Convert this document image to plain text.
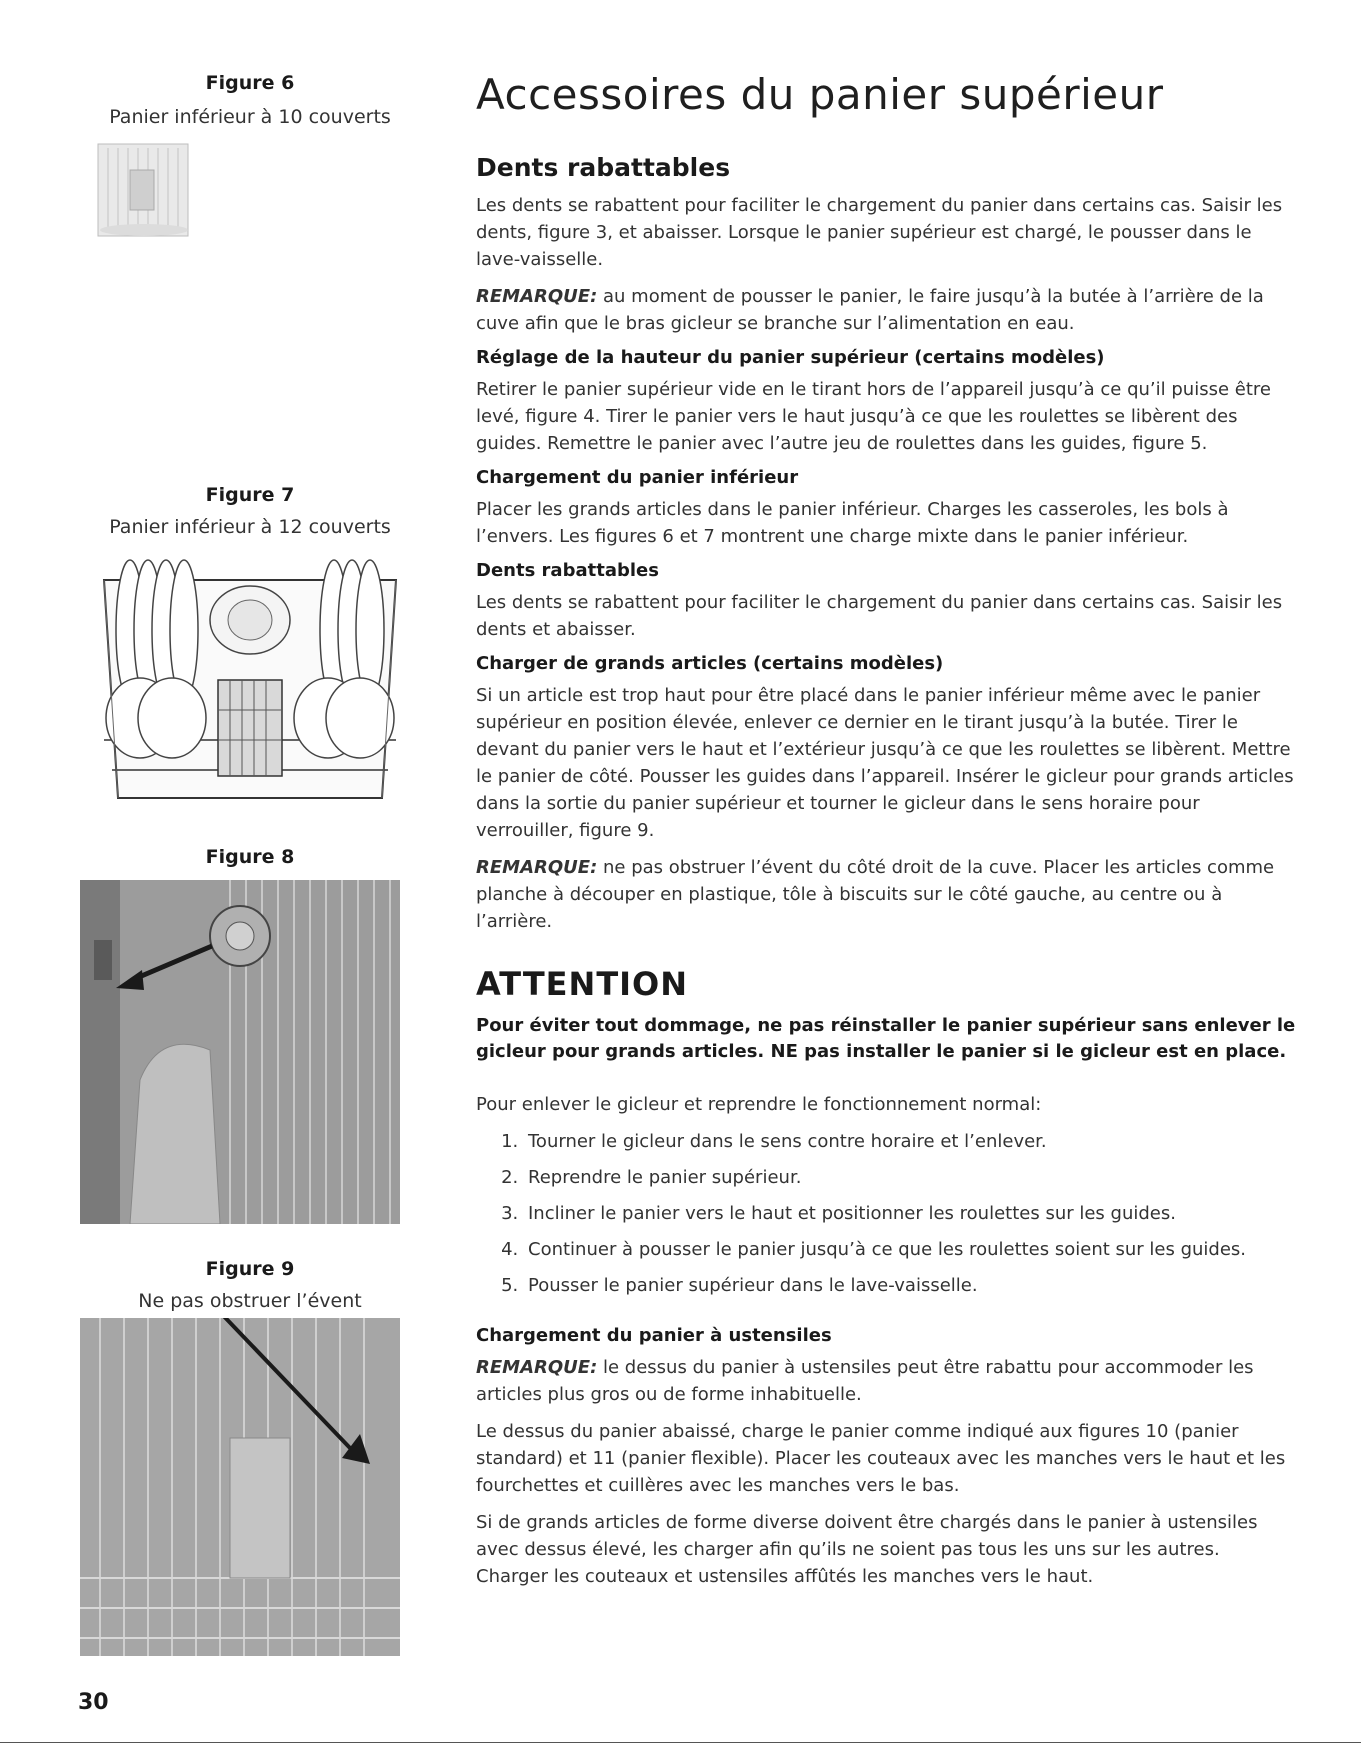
Figure 6
Panier inférieur à 10 couverts
Figure 7
Panier inférieur à 12 couverts
Figure 8
Figure 9
Ne pas obstruer l’évent
Accessoires du panier supérieur
Dents rabattables

Les dents se rabattent pour faciliter le chargement du panier dans certains cas. Saisir les dents, figure 3, et abaisser. Lorsque le panier supérieur est chargé, le pousser dans le lave-vaisselle.

REMARQUE: au moment de pousser le panier, le faire jusqu’à la butée à l’arrière de la cuve afin que le bras gicleur se branche sur l’alimentation en eau.

Réglage de la hauteur du panier supérieur (certains modèles)

Retirer le panier supérieur vide en le tirant hors de l’appareil jusqu’à ce qu’il puisse être levé, figure 4. Tirer le panier vers le haut jusqu’à ce que les roulettes se libèrent des guides. Remettre le panier avec l’autre jeu de roulettes dans les guides, figure 5.

Chargement du panier inférieur

Placer les grands articles dans le panier inférieur. Charges les casseroles, les bols à l’envers. Les figures 6 et 7 montrent une charge mixte dans le panier inférieur.

Dents rabattables

Les dents se rabattent pour faciliter le chargement du panier dans certains cas. Saisir les dents et abaisser.

Charger de grands articles (certains modèles)

Si un article est trop haut pour être placé dans le panier inférieur même avec le panier supérieur en position élevée, enlever ce dernier en le tirant jusqu’à la butée. Tirer le devant du panier vers le haut et l’extérieur jusqu’à ce que les roulettes se libèrent. Mettre le panier de côté. Pousser les guides dans l’appareil. Insérer le gicleur pour grands articles dans la sortie du panier supérieur et tourner le gicleur dans le sens horaire pour verrouiller, figure 9.

REMARQUE: ne pas obstruer l’évent du côté droit de la cuve. Placer les articles comme planche à découper en plastique, tôle à biscuits sur le côté gauche, au centre ou à l’arrière.

ATTENTION
Pour éviter tout dommage, ne pas réinstaller le panier supérieur sans enlever le gicleur pour grands articles. NE pas installer le panier si le gicleur est en place.

Pour enlever le gicleur et reprendre le fonctionnement normal:

1. Tourner le gicleur dans le sens contre horaire et l’enlever.
2. Reprendre le panier supérieur.
3. Incliner le panier vers le haut et positionner les roulettes sur les guides.
4. Continuer à pousser le panier jusqu’à ce que les roulettes soient sur les guides.
5. Pousser le panier supérieur dans le lave-vaisselle.
Chargement du panier à ustensiles

REMARQUE: le dessus du panier à ustensiles peut être rabattu pour accommoder les articles plus gros ou de forme inhabituelle.

Le dessus du panier abaissé, charge le panier comme indiqué aux figures 10 (panier standard) et 11 (panier flexible). Placer les couteaux avec les manches vers le haut et les fourchettes et cuillères avec les manches vers le bas.

Si de grands articles de forme diverse doivent être chargés dans le panier à ustensiles avec dessus élevé, les charger afin qu’ils ne soient pas tous les uns sur les autres. Charger les couteaux et ustensiles affûtés les manches vers le haut.

30
